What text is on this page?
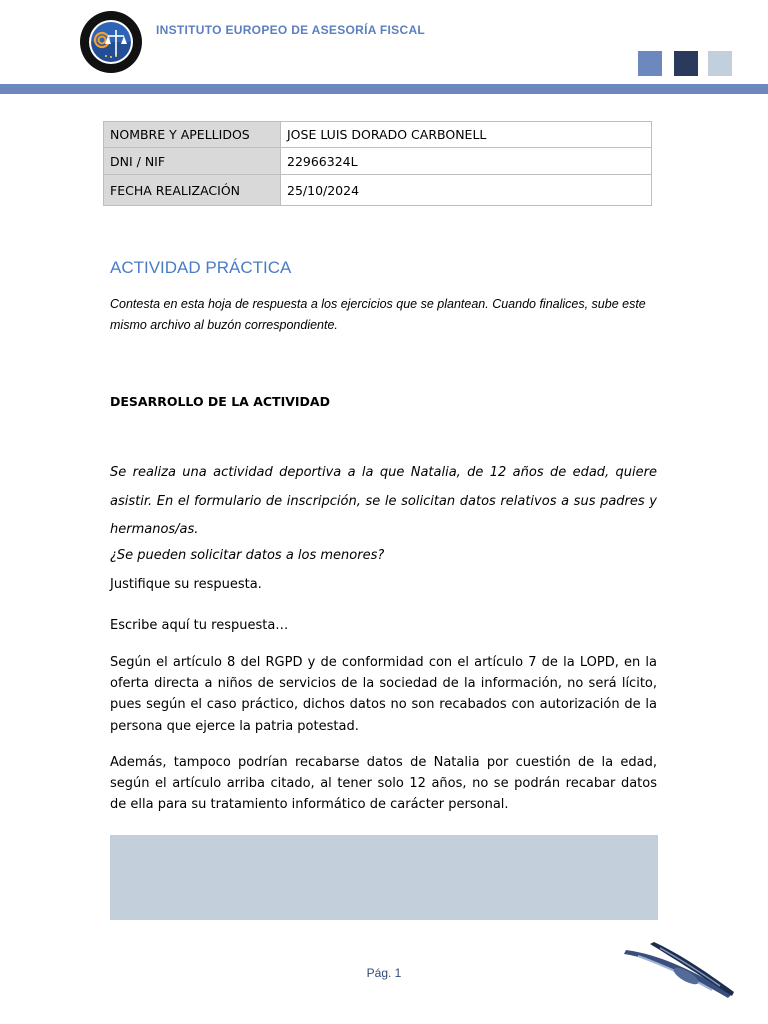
INSTITUTO EUROPEO DE ASESORÍA FISCAL
NOMBRE Y APELLIDOS	JOSE LUIS DORADO CARBONELL
DNI / NIF	22966324L
FECHA REALIZACIÓN	25/10/2024
ACTIVIDAD PRÁCTICA
Contesta en esta hoja de respuesta a los ejercicios que se plantean. Cuando finalices, sube este mismo archivo al buzón correspondiente.
DESARROLLO DE LA ACTIVIDAD
Se realiza una actividad deportiva a la que Natalia, de 12 años de edad, quiere asistir. En el formulario de inscripción, se le solicitan datos relativos a sus padres y hermanos/as.
¿Se pueden solicitar datos a los menores?
Justifique su respuesta.
Escribe aquí tu respuesta…
Según el artículo 8 del RGPD y de conformidad con el artículo 7 de la LOPD, en la oferta directa a niños de servicios de la sociedad de la información, no será lícito, pues según el caso práctico, dichos datos no son recabados con autorización de la persona que ejerce la patria potestad.
Además, tampoco podrían recabarse datos de Natalia por cuestión de la edad, según el artículo arriba citado, al tener solo 12 años, no se podrán recabar datos de ella para su tratamiento informático de carácter personal.
Pág. 1
